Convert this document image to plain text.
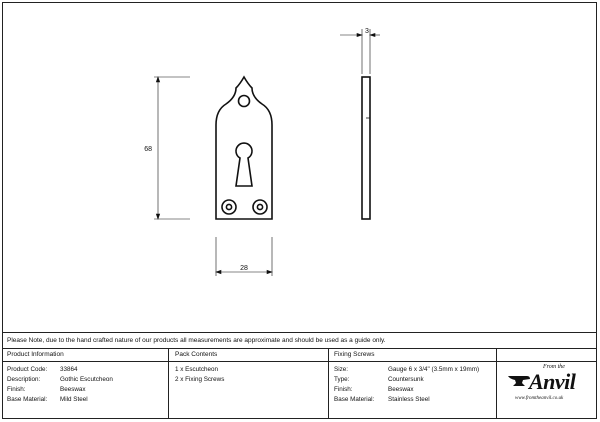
68
28
3
Please Note, due to the hand crafted nature of our products all measurements are approximate and should be used as a guide only.
Product Information
Product Code: 33864
Description:	Gothic Escutcheon
Finish:	Beeswax
Base Material: Mild Steel
Pack Contents
1 x Escutcheon
2 x Fixing Screws
Fixing Screws
Size:	Gauge 6 x 3/4" (3.5mm x 19mm)
Type:	Countersunk
Finish:	Beeswax
Base Material: Stainless Steel
From the
Anvil
www.fromtheanvil.co.uk
